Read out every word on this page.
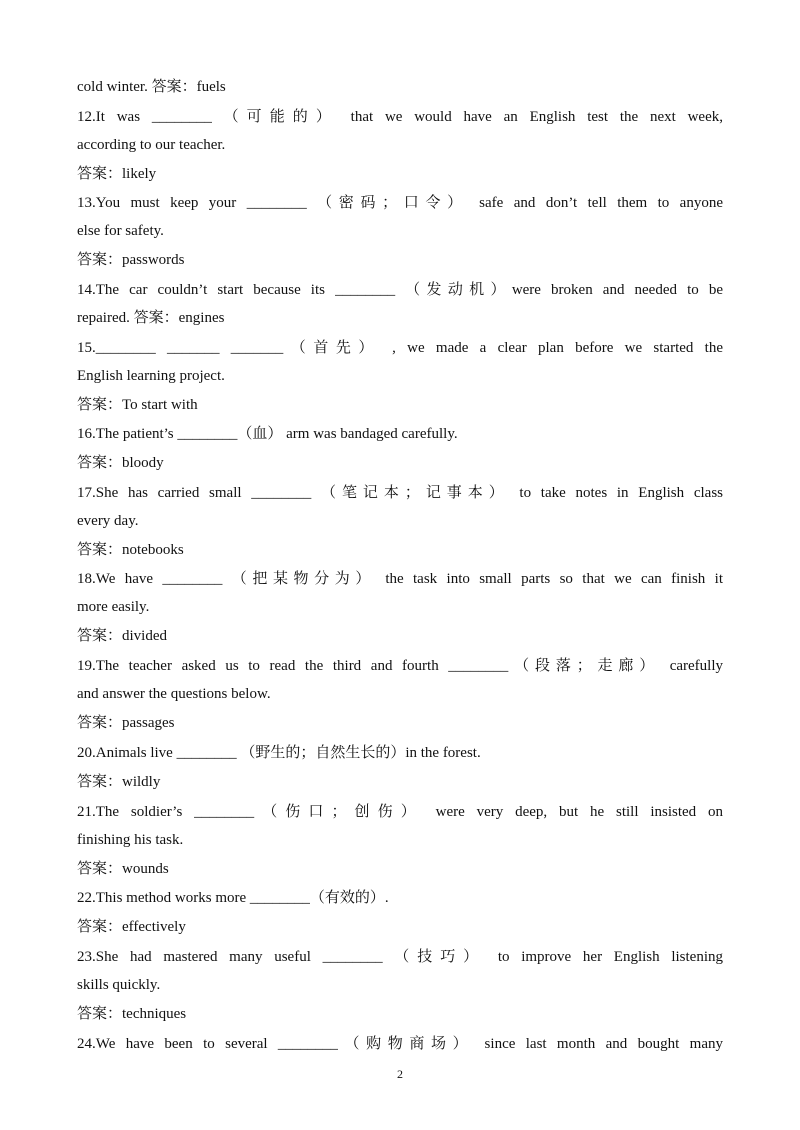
cold winter. 答案：fuels
12.It was ________ （可能的） that we would have an English test the next week,
according to our teacher.
答案：likely
13.You must keep your ________ （密码；口令） safe and don’t tell them to anyone
else for safety.
答案：passwords
14.The car couldn’t start because its ________ （发动机）were broken and needed to be
repaired. 答案：engines
15.________ _______ _______（首先） , we made a clear plan before we started the
English learning project.
答案：To start with
16.The patient’s ________（血） arm was bandaged carefully.
答案：bloody
17.She has carried small ________ （笔记本；记事本） to take notes in English class
every day.
答案：notebooks
18.We have ________ （把某物分为） the task into small parts so that we can finish it
more easily.
答案：divided
19.The teacher asked us to read the third and fourth ________（段落；走廊） carefully
and answer the questions below.
答案：passages
20.Animals live ________ （野生的；自然生长的）in the forest.
答案：wildly
21.The soldier’s ________（伤口；创伤） were very deep, but he still insisted on
finishing his task.
答案：wounds
22.This method works more ________（有效的）.
答案：effectively
23.She had mastered many useful ________ （技巧） to improve her English listening
skills quickly.
答案：techniques
24.We have been to several ________（购物商场） since last month and bought many
2
